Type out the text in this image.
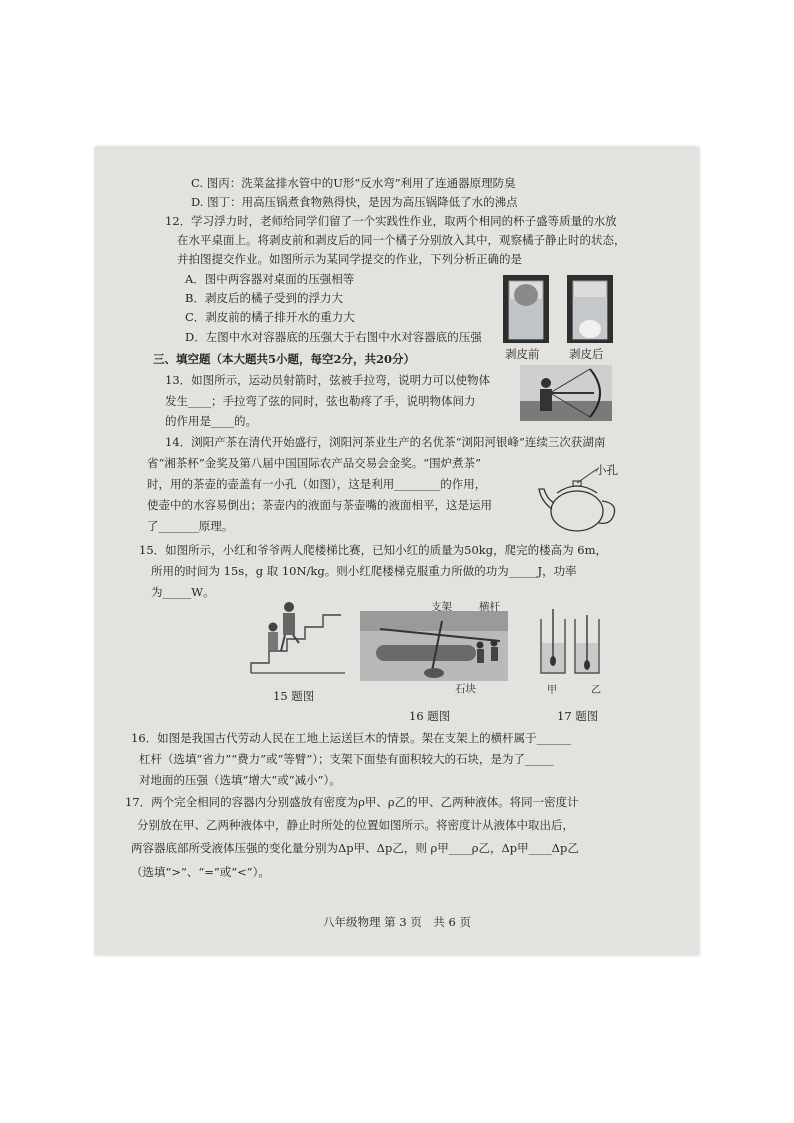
C. 图丙：洗菜盆排水管中的U形“反水弯”利用了连通器原理防臭
D. 图丁：用高压锅煮食物熟得快，是因为高压锅降低了水的沸点
12．学习浮力时，老师给同学们留了一个实践性作业，取两个相同的杯子盛等质量的水放
在水平桌面上。将剥皮前和剥皮后的同一个橘子分别放入其中，观察橘子静止时的状态，
并拍图提交作业。如图所示为某同学提交的作业，下列分析正确的是
A．图中两容器对桌面的压强相等
B．剥皮后的橘子受到的浮力大
C．剥皮前的橘子排开水的重力大
D．左图中水对容器底的压强大于右图中水对容器底的压强
剥皮前	剥皮后
三、填空题（本大题共5小题，每空2分，共20分）
13．如图所示，运动员射箭时，弦被手拉弯，说明力可以使物体
发生____；手拉弯了弦的同时，弦也勒疼了手，说明物体间力
的作用是____的。
14．浏阳产茶在清代开始盛行，浏阳河茶业生产的名优茶“浏阳河银峰”连续三次获湖南
省“湘茶杯”金奖及第八届中国国际农产品交易会金奖。“围炉煮茶”
时，用的茶壶的壶盖有一小孔（如图），这是利用________的作用，
使壶中的水容易倒出；茶壶内的液面与茶壶嘴的液面相平，这是运用
了_______原理。
小孔
15．如图所示，小红和爷爷两人爬楼梯比赛，已知小红的质量为50kg，爬完的楼高为 6m，
所用的时间为 15s，g 取 10N/kg。则小红爬楼梯克服重力所做的功为_____J，功率
为_____W。
支架	横杆
石块	甲	乙
15 题图
16 题图	17 题图
16．如图是我国古代劳动人民在工地上运送巨木的情景。架在支架上的横杆属于______
杠杆（选填“省力”“费力”或“等臂”）；支架下面垫有面积较大的石块，是为了_____
对地面的压强（选填“增大”或“减小”）。
17．两个完全相同的容器内分别盛放有密度为ρ甲、ρ乙的甲、乙两种液体。将同一密度计
分别放在甲、乙两种液体中，静止时所处的位置如图所示。将密度计从液体中取出后，
两容器底部所受液体压强的变化量分别为Δp甲、Δp乙，则 ρ甲____ρ乙，Δp甲____Δp乙
（选填“>”、“=”或“<”）。
八年级物理 第 3 页　共 6 页
